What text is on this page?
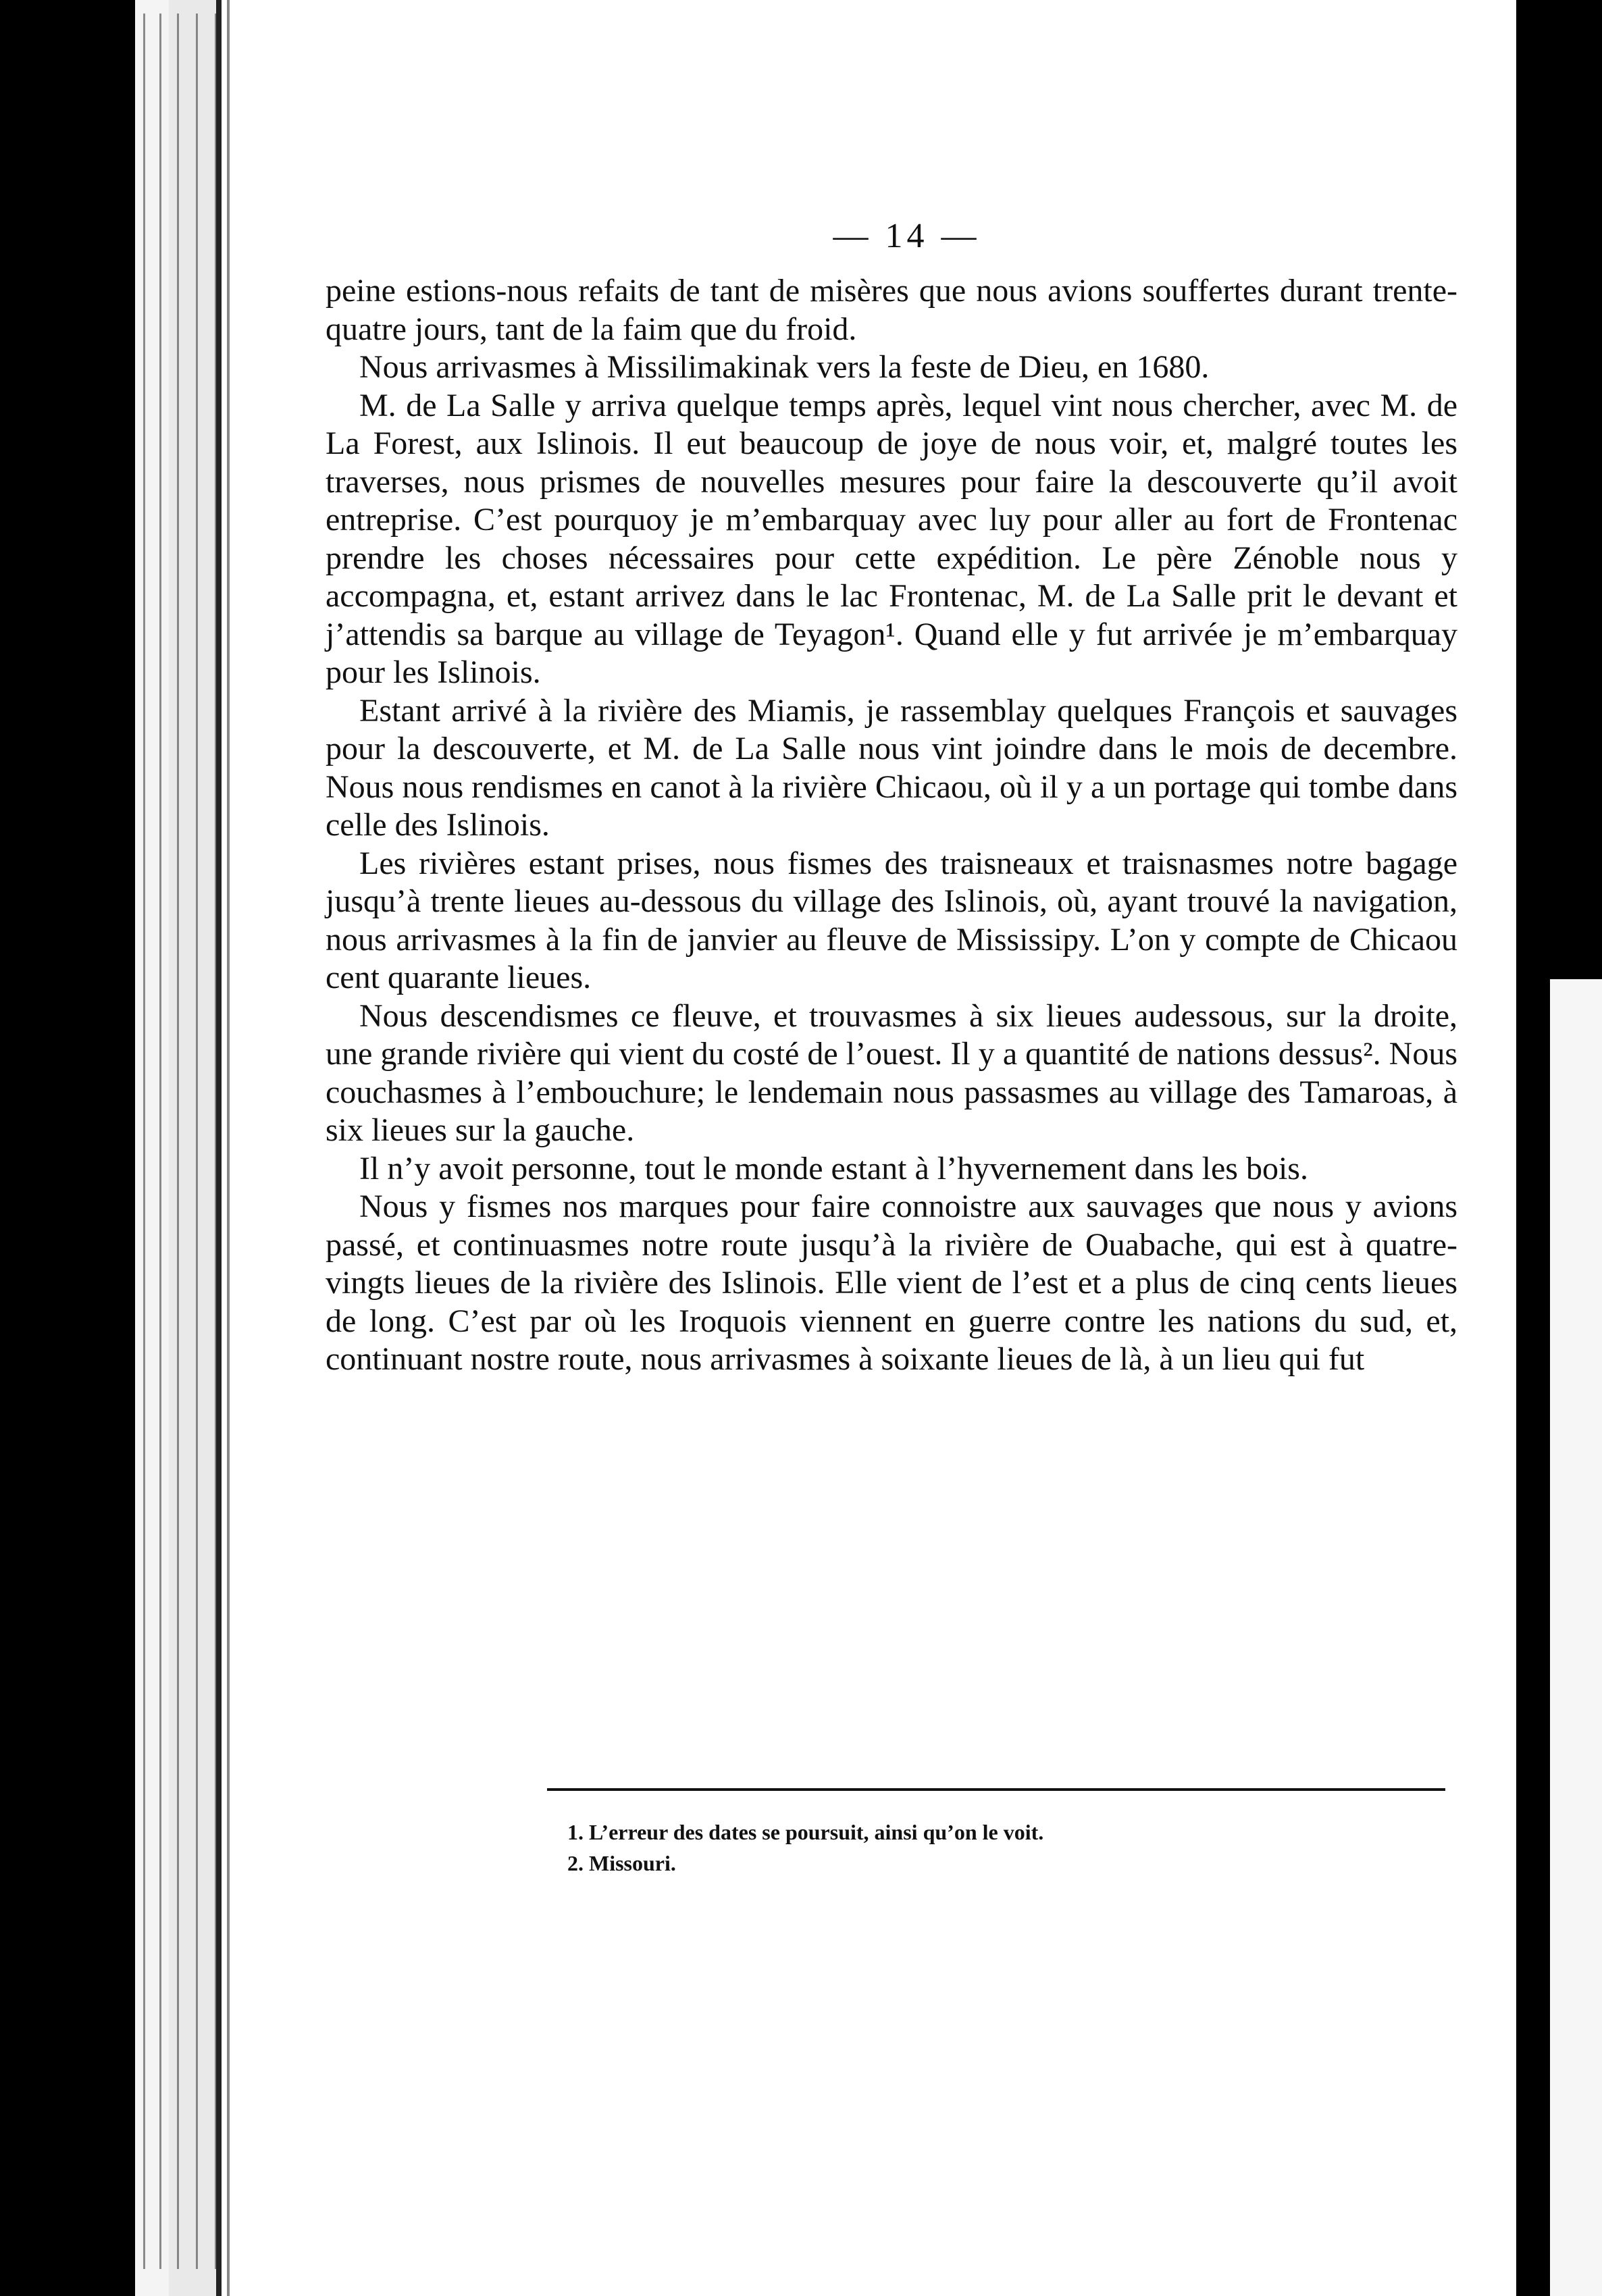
— 14 —

peine estions-nous refaits de tant de misères que nous avions souffertes durant trente-quatre jours, tant de la faim que du froid.

Nous arrivasmes à Missilimakinak vers la feste de Dieu, en 1680.

M. de La Salle y arriva quelque temps après, lequel vint nous chercher, avec M. de La Forest, aux Islinois. Il eut beaucoup de joye de nous voir, et, malgré toutes les traverses, nous prismes de nouvelles mesures pour faire la descouverte qu’il avoit entreprise. C’est pourquoy je m’embarquay avec luy pour aller au fort de Frontenac prendre les choses nécessaires pour cette expédition. Le père Zénoble nous y accompagna, et, estant arrivez dans le lac Frontenac, M. de La Salle prit le devant et j’attendis sa barque au village de Teyagon¹. Quand elle y fut arrivée je m’embarquay pour les Islinois.

Estant arrivé à la rivière des Miamis, je rassemblay quelques François et sauvages pour la descouverte, et M. de La Salle nous vint joindre dans le mois de decembre. Nous nous rendismes en canot à la rivière Chicaou, où il y a un portage qui tombe dans celle des Islinois.

Les rivières estant prises, nous fismes des traisneaux et traisnasmes notre bagage jusqu’à trente lieues au-dessous du village des Islinois, où, ayant trouvé la navigation, nous arrivasmes à la fin de janvier au fleuve de Mississipy. L’on y compte de Chicaou cent quarante lieues.

Nous descendismes ce fleuve, et trouvasmes à six lieues audessous, sur la droite, une grande rivière qui vient du costé de l’ouest. Il y a quantité de nations dessus². Nous couchasmes à l’embouchure; le lendemain nous passasmes au village des Tamaroas, à six lieues sur la gauche.

Il n’y avoit personne, tout le monde estant à l’hyvernement dans les bois.

Nous y fismes nos marques pour faire connoistre aux sauvages que nous y avions passé, et continuasmes notre route jusqu’à la rivière de Ouabache, qui est à quatre-vingts lieues de la rivière des Islinois. Elle vient de l’est et a plus de cinq cents lieues de long. C’est par où les Iroquois viennent en guerre contre les nations du sud, et, continuant nostre route, nous arrivasmes à soixante lieues de là, à un lieu qui fut

1. L’erreur des dates se poursuit, ainsi qu’on le voit.

2. Missouri.

·(·(g((l\((sNa·
